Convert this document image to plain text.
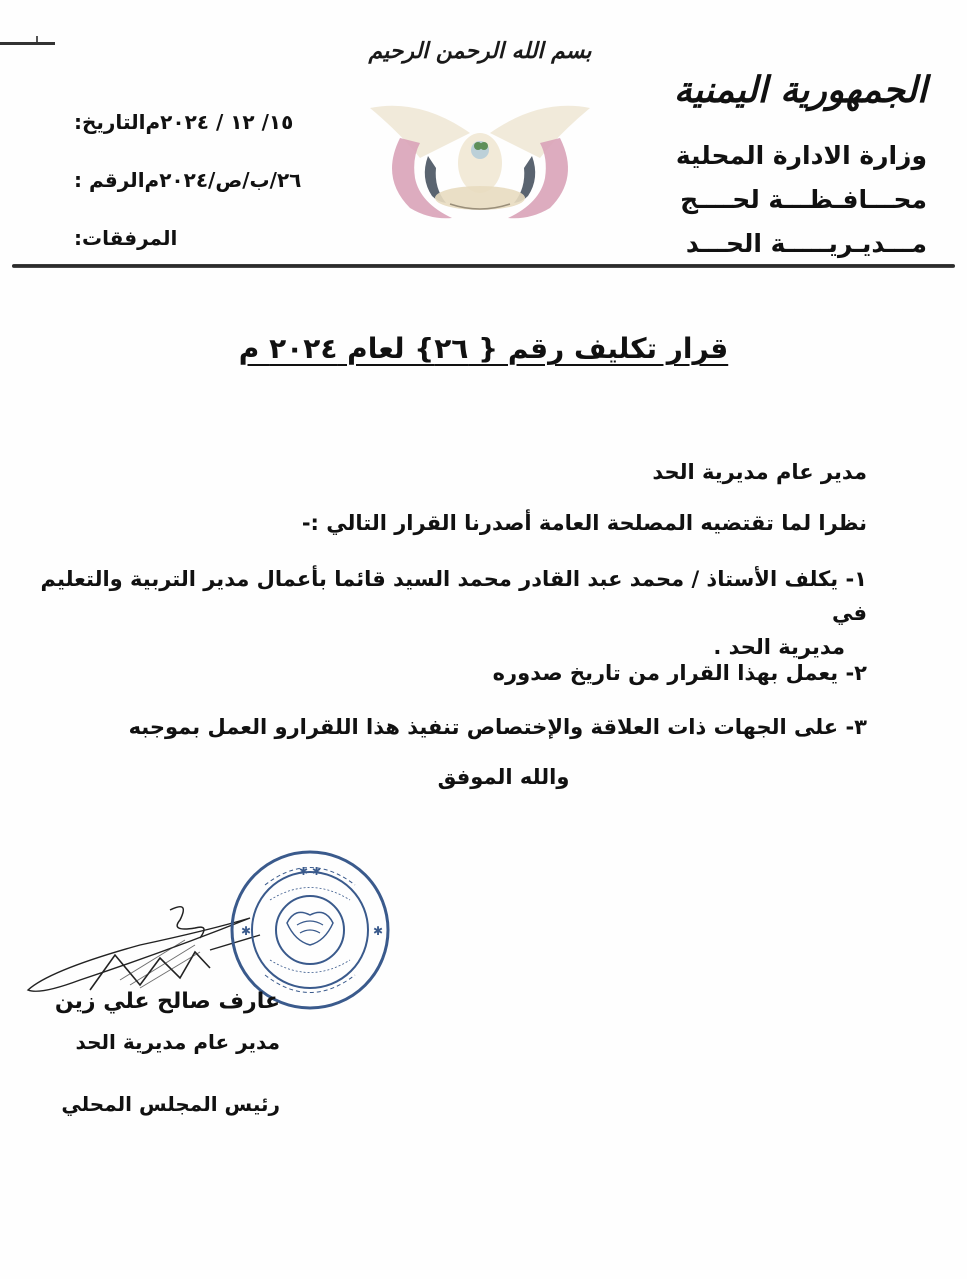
الجمهورية اليمنية
وزارة الادارة المحلية
محـــافـظـــة لحــــج
مـــديـريـــــة الحـــد
بسم الله الرحمن الرحيم
التاريخ: ١٥/ ١٢ / ٢٠٢٤م
الرقم : ٢٦/ب/ص/٢٠٢٤م
المرفقات:
قرار تكليف رقم { ٢٦} لعام ٢٠٢٤ م
مدير عام مديرية الحد
نظرا لما تقتضيه المصلحة العامة أصدرنا القرار التالي :-
١- يكلف الأستاذ / محمد عبد القادر محمد السيد قائما بأعمال مدير التربية والتعليم في
مديرية الحد .
٢- يعمل بهذا القرار من تاريخ صدوره
٣- على الجهات ذات العلاقة والإختصاص تنفيذ هذا اللقرارو العمل بموجبه
والله الموفق
✱ ✱
✱	✱
عارف صالح علي زين
مدير عام مديرية الحد
رئيس المجلس المحلي
